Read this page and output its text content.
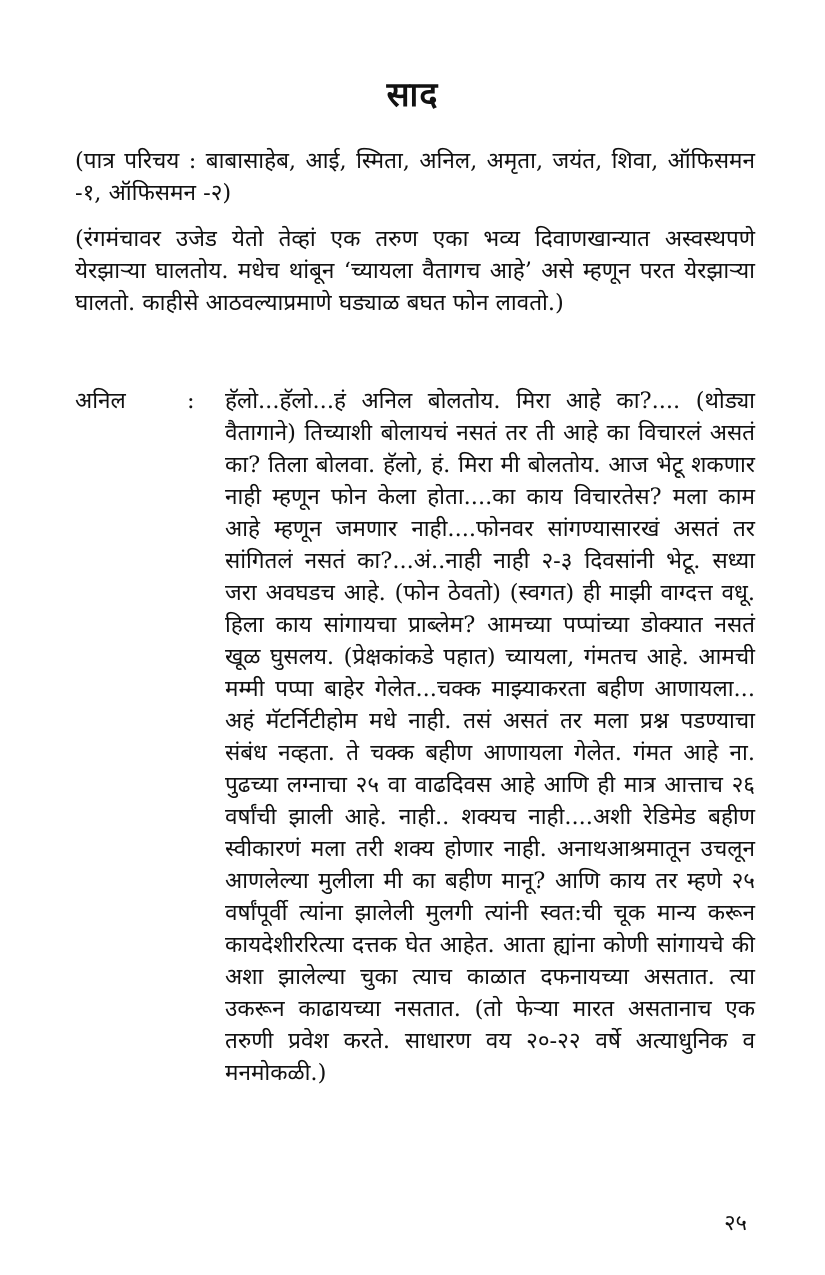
साद
(पात्र परिचय : बाबासाहेब, आई, स्मिता, अनिल, अमृता, जयंत, शिवा, ऑफिसमन -१, ऑफिसमन -२)
(रंगमंचावर उजेड येतो तेव्हां एक तरुण एका भव्य दिवाणखान्यात अस्वस्थपणे येरझाऱ्या घालतोय. मधेच थांबून ‘च्यायला वैतागच आहे’ असे म्हणून परत येरझाऱ्या घालतो. काहीसे आठवल्याप्रमाणे घड्याळ बघत फोन लावतो.)
अनिल	: हॅलो...हॅलो...हं अनिल बोलतोय. मिरा आहे का?.... (थोड्या वैतागाने) तिच्याशी बोलायचं नसतं तर ती आहे का विचारलं असतं का? तिला बोलवा. हॅलो, हं. मिरा मी बोलतोय. आज भेटू शकणार नाही म्हणून फोन केला होता....का काय विचारतेस? मला काम आहे म्हणून जमणार नाही....फोनवर सांगण्यासारखं असतं तर सांगितलं नसतं का?...अं..नाही नाही २-३ दिवसांनी भेटू. सध्या जरा अवघडच आहे. (फोन ठेवतो) (स्वगत) ही माझी वाग्दत्त वधू. हिला काय सांगायचा प्राब्लेम? आमच्या पप्पांच्या डोक्यात नसतं खूळ घुसलय. (प्रेक्षकांकडे पहात) च्यायला, गंमतच आहे. आमची मम्मी पप्पा बाहेर गेलेत...चक्क माझ्याकरता बहीण आणायला... अहं मॅटर्निटीहोम मधे नाही. तसं असतं तर मला प्रश्न पडण्याचा संबंध नव्हता. ते चक्क बहीण आणायला गेलेत. गंमत आहे ना. पुढच्या लग्नाचा २५ वा वाढदिवस आहे आणि ही मात्र आत्ताच २६ वर्षांची झाली आहे. नाही.. शक्यच नाही....अशी रेडिमेड बहीण स्वीकारणं मला तरी शक्य होणार नाही. अनाथआश्रमातून उचलून आणलेल्या मुलीला मी का बहीण मानू? आणि काय तर म्हणे २५ वर्षांपूर्वी त्यांना झालेली मुलगी त्यांनी स्वत:ची चूक मान्य करून कायदेशीररित्या दत्तक घेत आहेत. आता ह्यांना कोणी सांगायचे की अशा झालेल्या चुका त्याच काळात दफनायच्या असतात. त्या उकरून काढायच्या नसतात. (तो फेऱ्या मारत असतानाच एक तरुणी प्रवेश करते. साधारण वय २०-२२ वर्षे अत्याधुनिक व मनमोकळी.)
२५
